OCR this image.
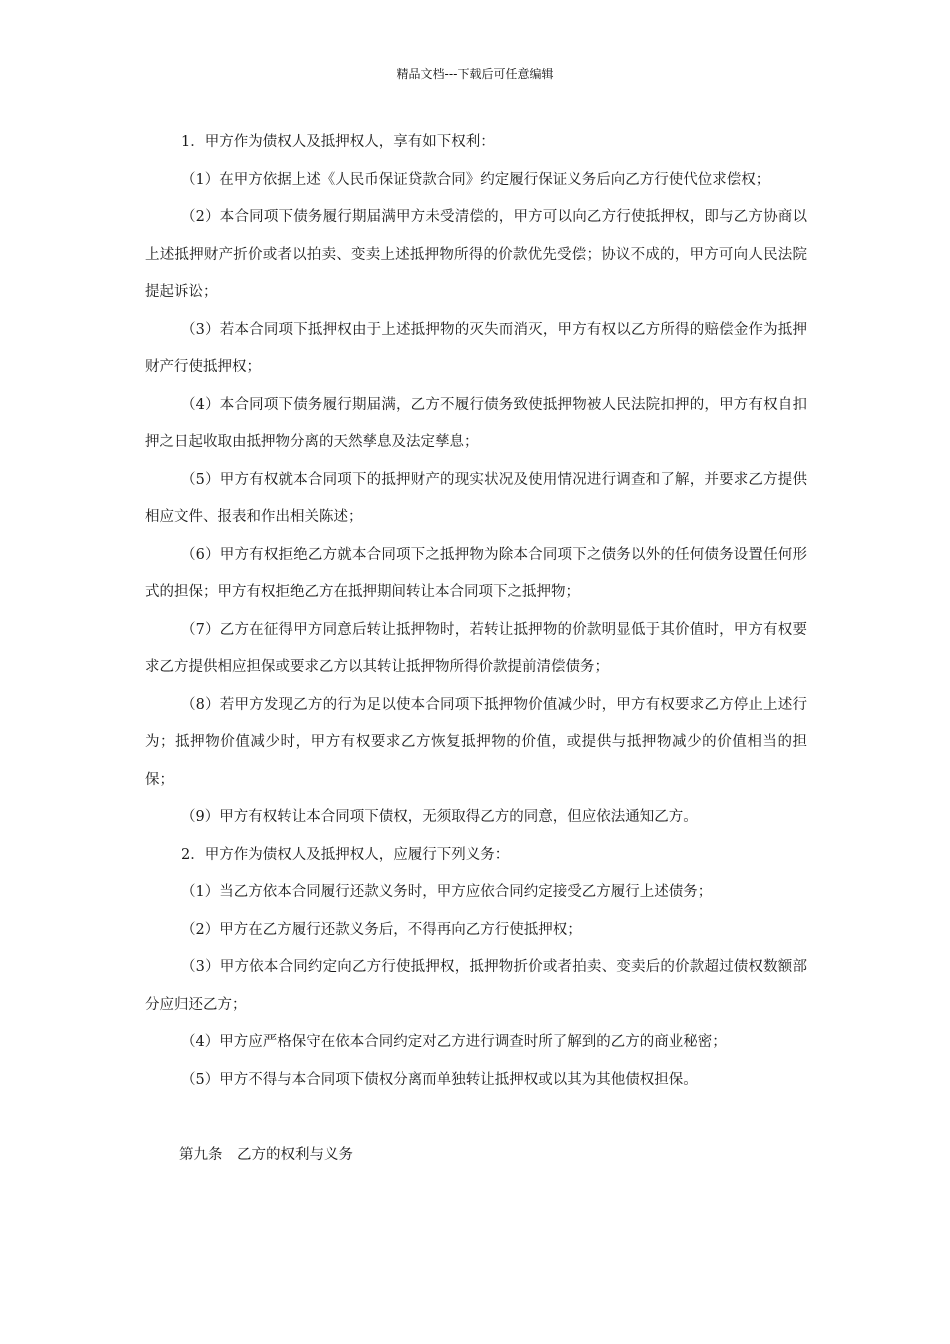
精品文档---下载后可任意编辑

1．甲方作为债权人及抵押权人，享有如下权利：

（1）在甲方依据上述《人民币保证贷款合同》约定履行保证义务后向乙方行使代位求偿权；

（2）本合同项下债务履行期届满甲方未受清偿的，甲方可以向乙方行使抵押权，即与乙方协商以上述抵押财产折价或者以拍卖、变卖上述抵押物所得的价款优先受偿；协议不成的，甲方可向人民法院提起诉讼；

（3）若本合同项下抵押权由于上述抵押物的灭失而消灭，甲方有权以乙方所得的赔偿金作为抵押财产行使抵押权；

（4）本合同项下债务履行期届满，乙方不履行债务致使抵押物被人民法院扣押的，甲方有权自扣押之日起收取由抵押物分离的天然孳息及法定孳息；

（5）甲方有权就本合同项下的抵押财产的现实状况及使用情况进行调查和了解，并要求乙方提供相应文件、报表和作出相关陈述；

（6）甲方有权拒绝乙方就本合同项下之抵押物为除本合同项下之债务以外的任何债务设置任何形式的担保；甲方有权拒绝乙方在抵押期间转让本合同项下之抵押物；

（7）乙方在征得甲方同意后转让抵押物时，若转让抵押物的价款明显低于其价值时，甲方有权要求乙方提供相应担保或要求乙方以其转让抵押物所得价款提前清偿债务；

（8）若甲方发现乙方的行为足以使本合同项下抵押物价值减少时，甲方有权要求乙方停止上述行为；抵押物价值减少时，甲方有权要求乙方恢复抵押物的价值，或提供与抵押物减少的价值相当的担保；

（9）甲方有权转让本合同项下债权，无须取得乙方的同意，但应依法通知乙方。

2．甲方作为债权人及抵押权人，应履行下列义务：

（1）当乙方依本合同履行还款义务时，甲方应依合同约定接受乙方履行上述债务；

（2）甲方在乙方履行还款义务后，不得再向乙方行使抵押权；

（3）甲方依本合同约定向乙方行使抵押权，抵押物折价或者拍卖、变卖后的价款超过债权数额部分应归还乙方；

（4）甲方应严格保守在依本合同约定对乙方进行调查时所了解到的乙方的商业秘密；

（5）甲方不得与本合同项下债权分离而单独转让抵押权或以其为其他债权担保。

第九条　乙方的权利与义务
